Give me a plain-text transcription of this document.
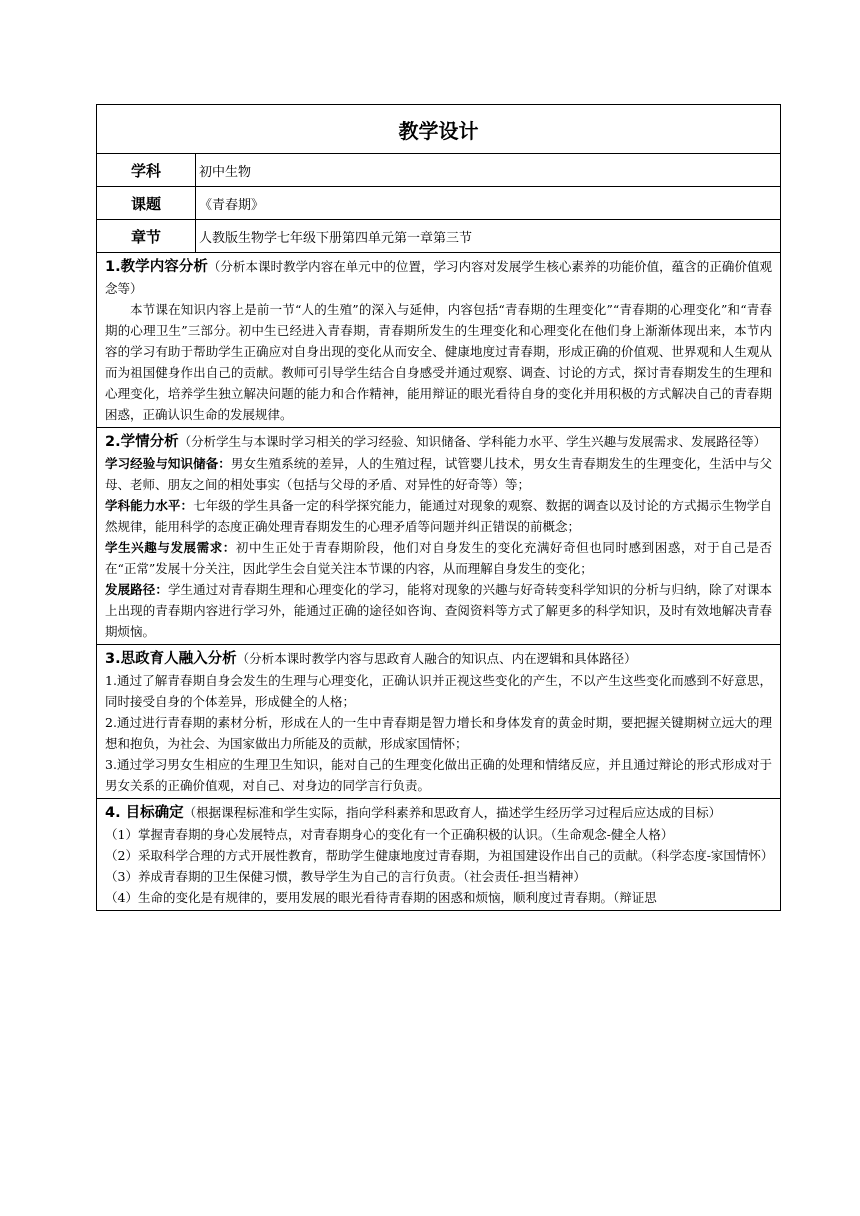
教学设计	
学科	初中生物
课题	《青春期》
章节	人教版生物学七年级下册第四单元第一章第三节

1.教学内容分析（分析本课时教学内容在单元中的位置，学习内容对发展学生核心素养的功能价值，蕴含的正确价值观念等）

本节课在知识内容上是前一节“人的生殖”的深入与延伸，内容包括“青春期的生理变化”“青春期的心理变化”和“青春期的心理卫生”三部分。初中生已经进入青春期，青春期所发生的生理变化和心理变化在他们身上渐渐体现出来，本节内容的学习有助于帮助学生正确应对自身出现的变化从而安全、健康地度过青春期，形成正确的价值观、世界观和人生观从而为祖国健身作出自己的贡献。教师可引导学生结合自身感受并通过观察、调查、讨论的方式，探讨青春期发生的生理和心理变化，培养学生独立解决问题的能力和合作精神，能用辩证的眼光看待自身的变化并用积极的方式解决自己的青春期困惑，正确认识生命的发展规律。	

2.学情分析（分析学生与本课时学习相关的学习经验、知识储备、学科能力水平、学生兴趣与发展需求、发展路径等）

学习经验与知识储备：男女生殖系统的差异，人的生殖过程，试管婴儿技术，男女生青春期发生的生理变化，生活中与父母、老师、朋友之间的相处事实（包括与父母的矛盾、对异性的好奇等）等；

学科能力水平：七年级的学生具备一定的科学探究能力，能通过对现象的观察、数据的调查以及讨论的方式揭示生物学自然规律，能用科学的态度正确处理青春期发生的心理矛盾等问题并纠正错误的前概念；

学生兴趣与发展需求：初中生正处于青春期阶段，他们对自身发生的变化充满好奇但也同时感到困惑，对于自己是否在“正常”发展十分关注，因此学生会自觉关注本节课的内容，从而理解自身发生的变化；

发展路径：学生通过对青春期生理和心理变化的学习，能将对现象的兴趣与好奇转变科学知识的分析与归纳，除了对课本上出现的青春期内容进行学习外，能通过正确的途径如咨询、查阅资料等方式了解更多的科学知识，及时有效地解决青春期烦恼。	

3.思政育人融入分析（分析本课时教学内容与思政育人融合的知识点、内在逻辑和具体路径）

1.通过了解青春期自身会发生的生理与心理变化，正确认识并正视这些变化的产生，不以产生这些变化而感到不好意思，同时接受自身的个体差异，形成健全的人格；

2.通过进行青春期的素材分析，形成在人的一生中青春期是智力增长和身体发育的黄金时期，要把握关键期树立远大的理想和抱负，为社会、为国家做出力所能及的贡献，形成家国情怀；

3.通过学习男女生相应的生理卫生知识，能对自己的生理变化做出正确的处理和情绪反应，并且通过辩论的形式形成对于男女关系的正确价值观，对自己、对身边的同学言行负责。	

4. 目标确定（根据课程标准和学生实际，指向学科素养和思政育人，描述学生经历学习过程后应达成的目标）

（1）掌握青春期的身心发展特点，对青春期身心的变化有一个正确积极的认识。（生命观念-健全人格）

（2）采取科学合理的方式开展性教育，帮助学生健康地度过青春期，为祖国建设作出自己的贡献。（科学态度-家国情怀）

（3）养成青春期的卫生保健习惯，教导学生为自己的言行负责。（社会责任-担当精神）

（4）生命的变化是有规律的，要用发展的眼光看待青春期的困惑和烦恼，顺利度过青春期。（辩证思	
